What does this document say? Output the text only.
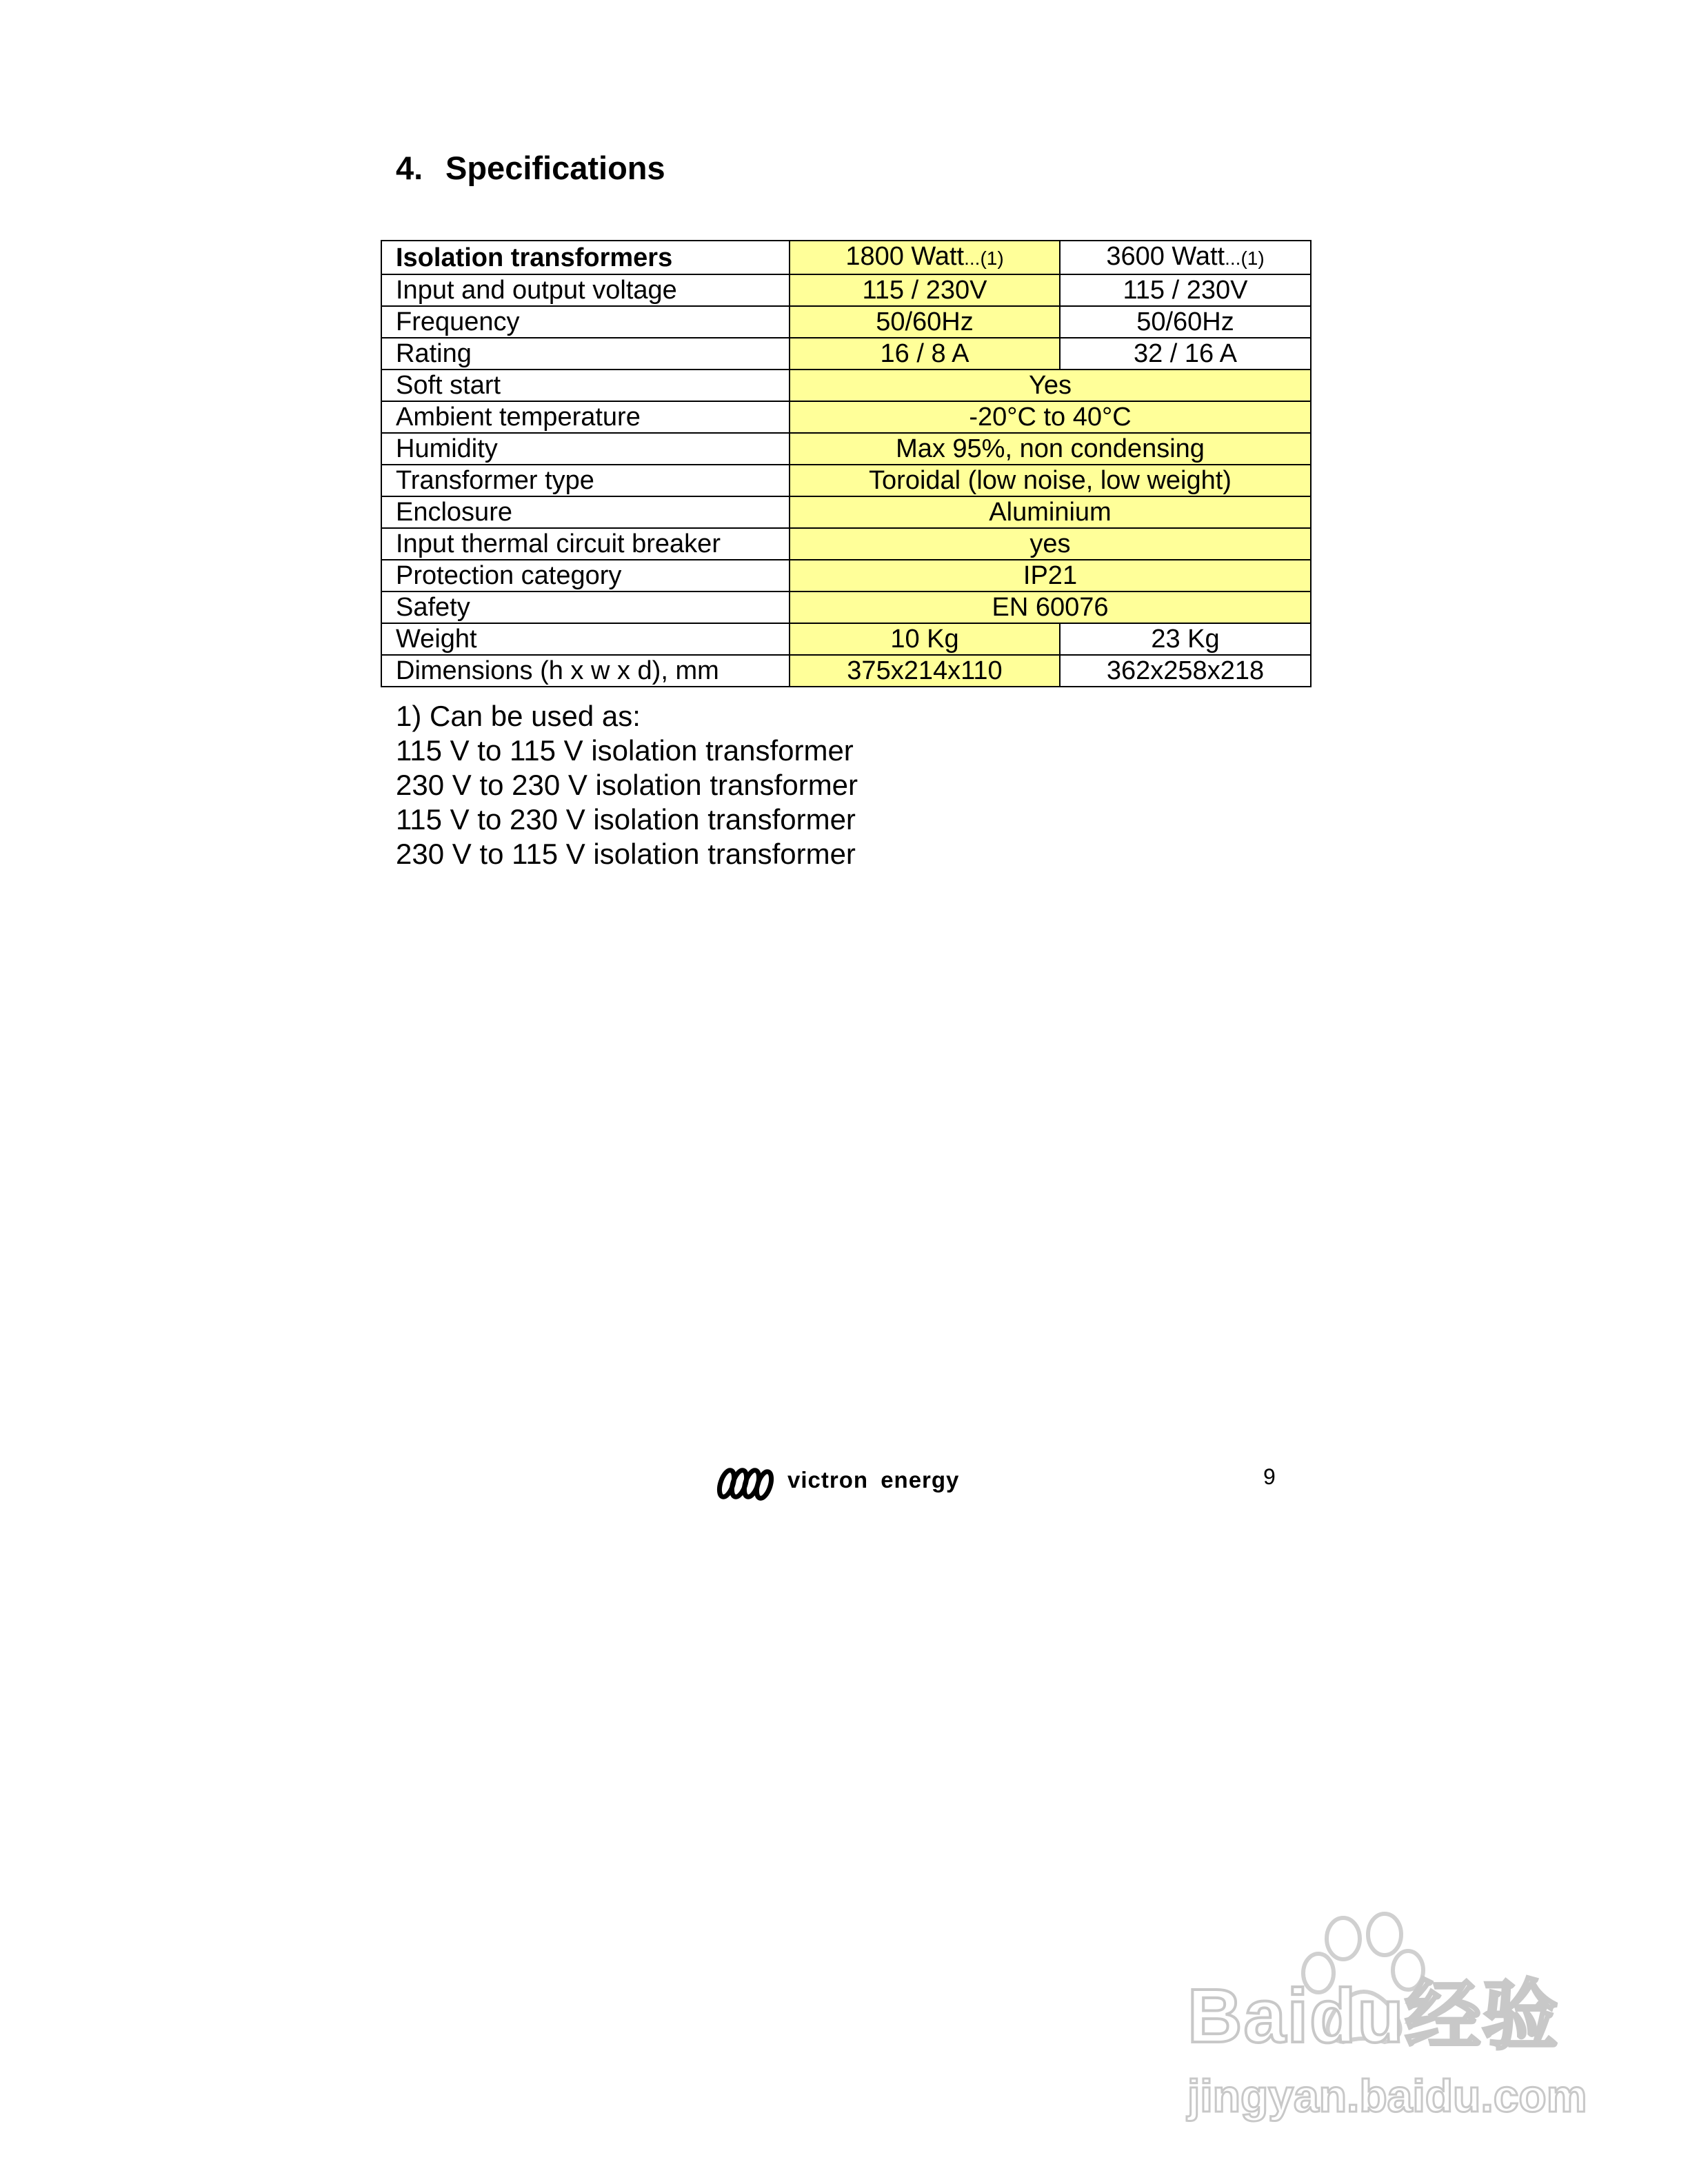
4. Specifications
Isolation transformers	1800 Watt...(1)	3600 Watt...(1)
Input and output voltage	115 / 230V	115 / 230V
Frequency	50/60Hz	50/60Hz
Rating	16 / 8 A	32 / 16 A
Soft start	Yes	
Ambient temperature	-20°C to 40°C	
Humidity	Max 95%, non condensing	
Transformer type	Toroidal (low noise, low weight)	
Enclosure	Aluminium	
Input thermal circuit breaker	yes	
Protection category	IP21	
Safety	EN 60076	
Weight	10 Kg	23 Kg
Dimensions (h x w x d), mm	375x214x110	362x258x218
1) Can be used as:
115 V to 115 V isolation transformer
230 V to 230 V isolation transformer
115 V to 230 V isolation transformer
230 V to 115 V isolation transformer
victron energy	9
Baidu经验
jingyan.baidu.com
